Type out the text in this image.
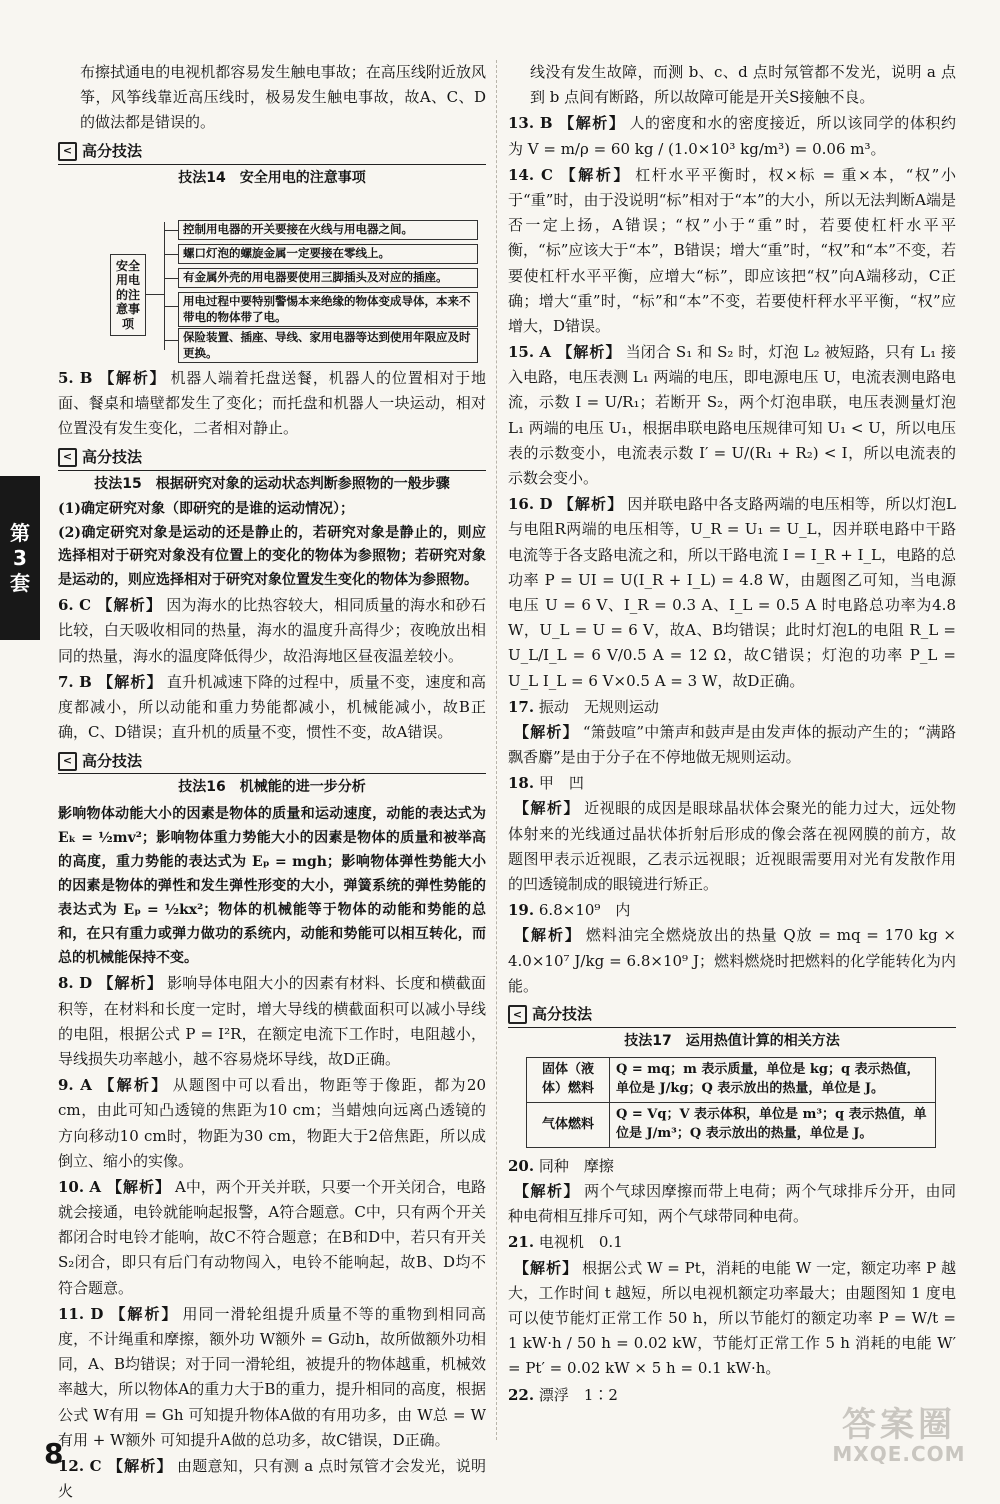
第
3
套

布擦拭通电的电视机都容易发生触电事故；在高压线附近放风筝，风筝线靠近高压线时，极易发生触电事故，故A、C、D的做法都是错误的。

< 高分技法
技法14　安全用电的注意事项
安全用电的注意事项
控制用电器的开关要接在火线与用电器之间。
螺口灯泡的螺旋金属一定要接在零线上。
有金属外壳的用电器要使用三脚插头及对应的插座。
用电过程中要特别警惕本来绝缘的物体变成导体，本来不带电的物体带了电。
保险装置、插座、导线、家用电器等达到使用年限应及时更换。

5. B 【解析】 机器人端着托盘送餐，机器人的位置相对于地面、餐桌和墙壁都发生了变化；而托盘和机器人一块运动，相对位置没有发生变化，二者相对静止。

< 高分技法
技法15　根据研究对象的运动状态判断参照物的一般步骤

(1)确定研究对象（即研究的是谁的运动情况）；

(2)确定研究对象是运动的还是静止的，若研究对象是静止的，则应选择相对于研究对象没有位置上的变化的物体为参照物；若研究对象是运动的，则应选择相对于研究对象位置发生变化的物体为参照物。

6. C 【解析】 因为海水的比热容较大，相同质量的海水和砂石比较，白天吸收相同的热量，海水的温度升高得少；夜晚放出相同的热量，海水的温度降低得少，故沿海地区昼夜温差较小。

7. B 【解析】 直升机减速下降的过程中，质量不变，速度和高度都减小，所以动能和重力势能都减小，机械能减小，故B正确，C、D错误；直升机的质量不变，惯性不变，故A错误。

< 高分技法
技法16　机械能的进一步分析

影响物体动能大小的因素是物体的质量和运动速度，动能的表达式为 Eₖ = ½mv²；影响物体重力势能大小的因素是物体的质量和被举高的高度，重力势能的表达式为 Eₚ = mgh；影响物体弹性势能大小的因素是物体的弹性和发生弹性形变的大小，弹簧系统的弹性势能的表达式为 Eₚ = ½kx²；物体的机械能等于物体的动能和势能的总和，在只有重力或弹力做功的系统内，动能和势能可以相互转化，而总的机械能保持不变。

8. D 【解析】 影响导体电阻大小的因素有材料、长度和横截面积等，在材料和长度一定时，增大导线的横截面积可以减小导线的电阻，根据公式 P = I²R，在额定电流下工作时，电阻越小，导线损失功率越小，越不容易烧坏导线，故D正确。

9. A 【解析】 从题图中可以看出，物距等于像距，都为20 cm，由此可知凸透镜的焦距为10 cm；当蜡烛向远离凸透镜的方向移动10 cm时，物距为30 cm，物距大于2倍焦距，所以成倒立、缩小的实像。

10. A 【解析】 A中，两个开关并联，只要一个开关闭合，电路就会接通，电铃就能响起报警，A符合题意。C中，只有两个开关都闭合时电铃才能响，故C不符合题意；在B和D中，若只有开关S₂闭合，即只有后门有动物闯入，电铃不能响起，故B、D均不符合题意。

11. D 【解析】 用同一滑轮组提升质量不等的重物到相同高度，不计绳重和摩擦，额外功 W额外 = G动h，故所做额外功相同，A、B均错误；对于同一滑轮组，被提升的物体越重，机械效率越大，所以物体A的重力大于B的重力，提升相同的高度，根据公式 W有用 = Gh 可知提升物体A做的有用功多，由 W总 = W有用 + W额外 可知提升A做的总功多，故C错误，D正确。

12. C 【解析】 由题意知，只有测 a 点时氖管才会发光，说明火

线没有发生故障，而测 b、c、d 点时氖管都不发光，说明 a 点到 b 点间有断路，所以故障可能是开关S接触不良。

13. B 【解析】 人的密度和水的密度接近，所以该同学的体积约为 V = m/ρ = 60 kg / (1.0×10³ kg/m³) = 0.06 m³。

14. C 【解析】 杠杆水平平衡时，权×标 = 重×本，“权”小于“重”时，由于没说明“标”相对于“本”的大小，所以无法判断A端是否一定上扬，A错误；“权”小于“重”时，若要使杠杆水平平衡，“标”应该大于“本”，B错误；增大“重”时，“权”和“本”不变，若要使杠杆水平平衡，应增大“标”，即应该把“权”向A端移动，C正确；增大“重”时，“标”和“本”不变，若要使杆秤水平平衡，“权”应增大，D错误。

15. A 【解析】 当闭合 S₁ 和 S₂ 时，灯泡 L₂ 被短路，只有 L₁ 接入电路，电压表测 L₁ 两端的电压，即电源电压 U，电流表测电路电流，示数 I = U/R₁；若断开 S₂，两个灯泡串联，电压表测量灯泡 L₁ 两端的电压 U₁，根据串联电路电压规律可知 U₁ < U，所以电压表的示数变小，电流表示数 I′ = U/(R₁ + R₂) < I，所以电流表的示数会变小。

16. D 【解析】 因并联电路中各支路两端的电压相等，所以灯泡L与电阻R两端的电压相等，U_R = U₁ = U_L，因并联电路中干路电流等于各支路电流之和，所以干路电流 I = I_R + I_L，电路的总功率 P = UI = U(I_R + I_L) = 4.8 W，由题图乙可知，当电源电压 U = 6 V、I_R = 0.3 A、I_L = 0.5 A 时电路总功率为4.8 W，U_L = U = 6 V，故A、B均错误；此时灯泡L的电阻 R_L = U_L/I_L = 6 V/0.5 A = 12 Ω，故C错误；灯泡的功率 P_L = U_L I_L = 6 V×0.5 A = 3 W，故D正确。

17. 振动　无规则运动

【解析】 “箫鼓喧”中箫声和鼓声是由发声体的振动产生的；“满路飘香麝”是由于分子在不停地做无规则运动。

18. 甲　凹

【解析】 近视眼的成因是眼球晶状体会聚光的能力过大，远处物体射来的光线通过晶状体折射后形成的像会落在视网膜的前方，故题图甲表示近视眼，乙表示远视眼；近视眼需要用对光有发散作用的凹透镜制成的眼镜进行矫正。

19. 6.8×10⁹　内

【解析】 燃料油完全燃烧放出的热量 Q放 = mq = 170 kg × 4.0×10⁷ J/kg = 6.8×10⁹ J；燃料燃烧时把燃料的化学能转化为内能。

< 高分技法
技法17　运用热值计算的相关方法
固体（液体）燃料	Q = mq；m 表示质量，单位是 kg；q 表示热值，单位是 J/kg；Q 表示放出的热量，单位是 J。
气体燃料	Q = Vq；V 表示体积，单位是 m³；q 表示热值，单位是 J/m³；Q 表示放出的热量，单位是 J。

20. 同种　摩擦

【解析】 两个气球因摩擦而带上电荷；两个气球排斥分开，由同种电荷相互排斥可知，两个气球带同种电荷。

21. 电视机　0.1

【解析】 根据公式 W = Pt，消耗的电能 W 一定，额定功率 P 越大，工作时间 t 越短，所以电视机额定功率最大；由题图知 1 度电可以使节能灯正常工作 50 h，所以节能灯的额定功率 P = W/t = 1 kW·h / 50 h = 0.02 kW，节能灯正常工作 5 h 消耗的电能 W′ = Pt′ = 0.02 kW × 5 h = 0.1 kW·h。

22. 漂浮　1∶2

8
答案圈
MXQE.COM
